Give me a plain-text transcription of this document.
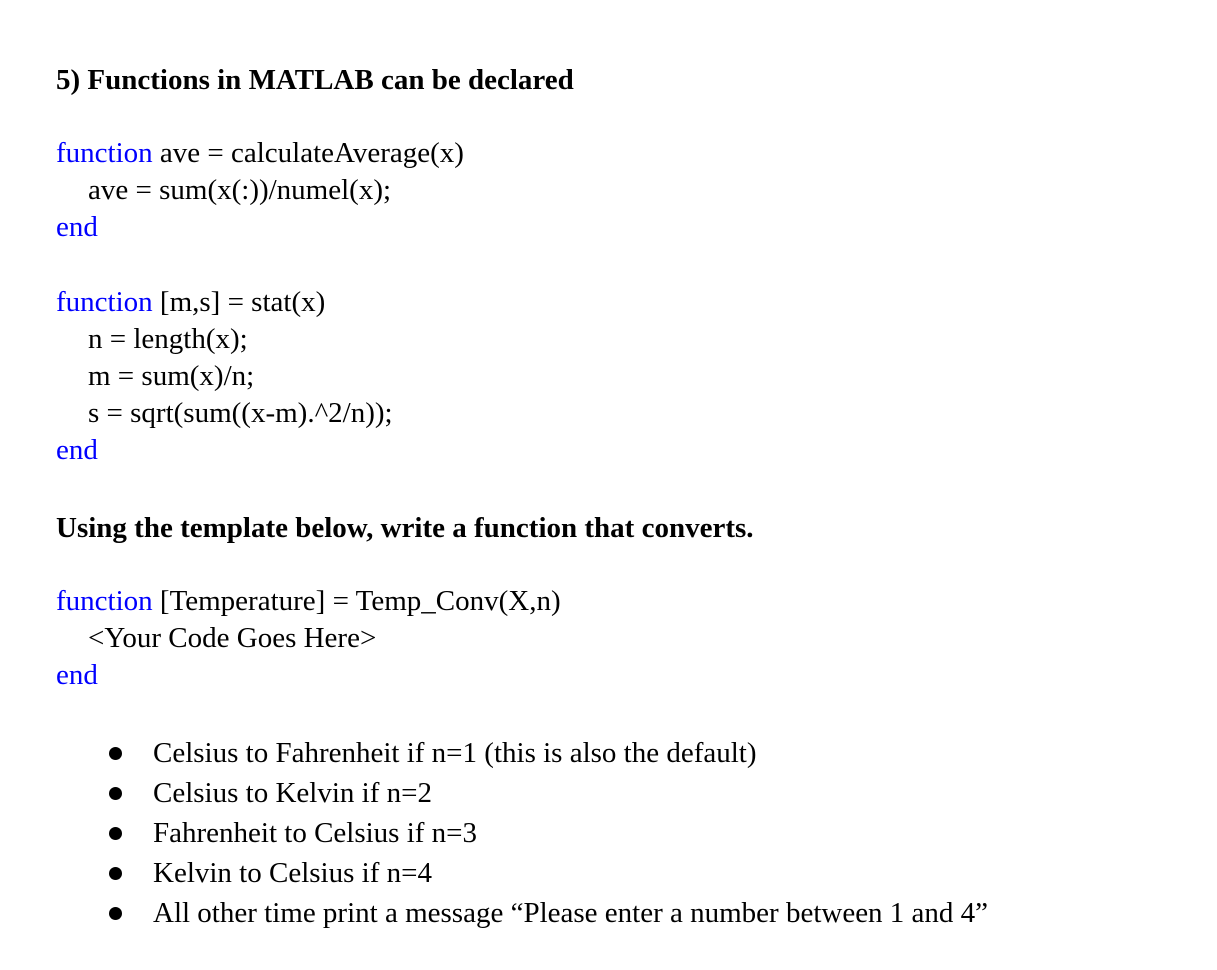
5) Functions in MATLAB can be declared
function ave = calculateAverage(x)
ave = sum(x(:))/numel(x);
end
function [m,s] = stat(x)
n = length(x);
m = sum(x)/n;
s = sqrt(sum((x-m).^2/n));
end
Using the template below, write a function that converts.
function [Temperature] = Temp_Conv(X,n)
<Your Code Goes Here>
end
Celsius to Fahrenheit if n=1 (this is also the default)
Celsius to Kelvin if n=2
Fahrenheit to Celsius if n=3
Kelvin to Celsius if n=4
All other time print a message “Please enter a number between 1 and 4”
